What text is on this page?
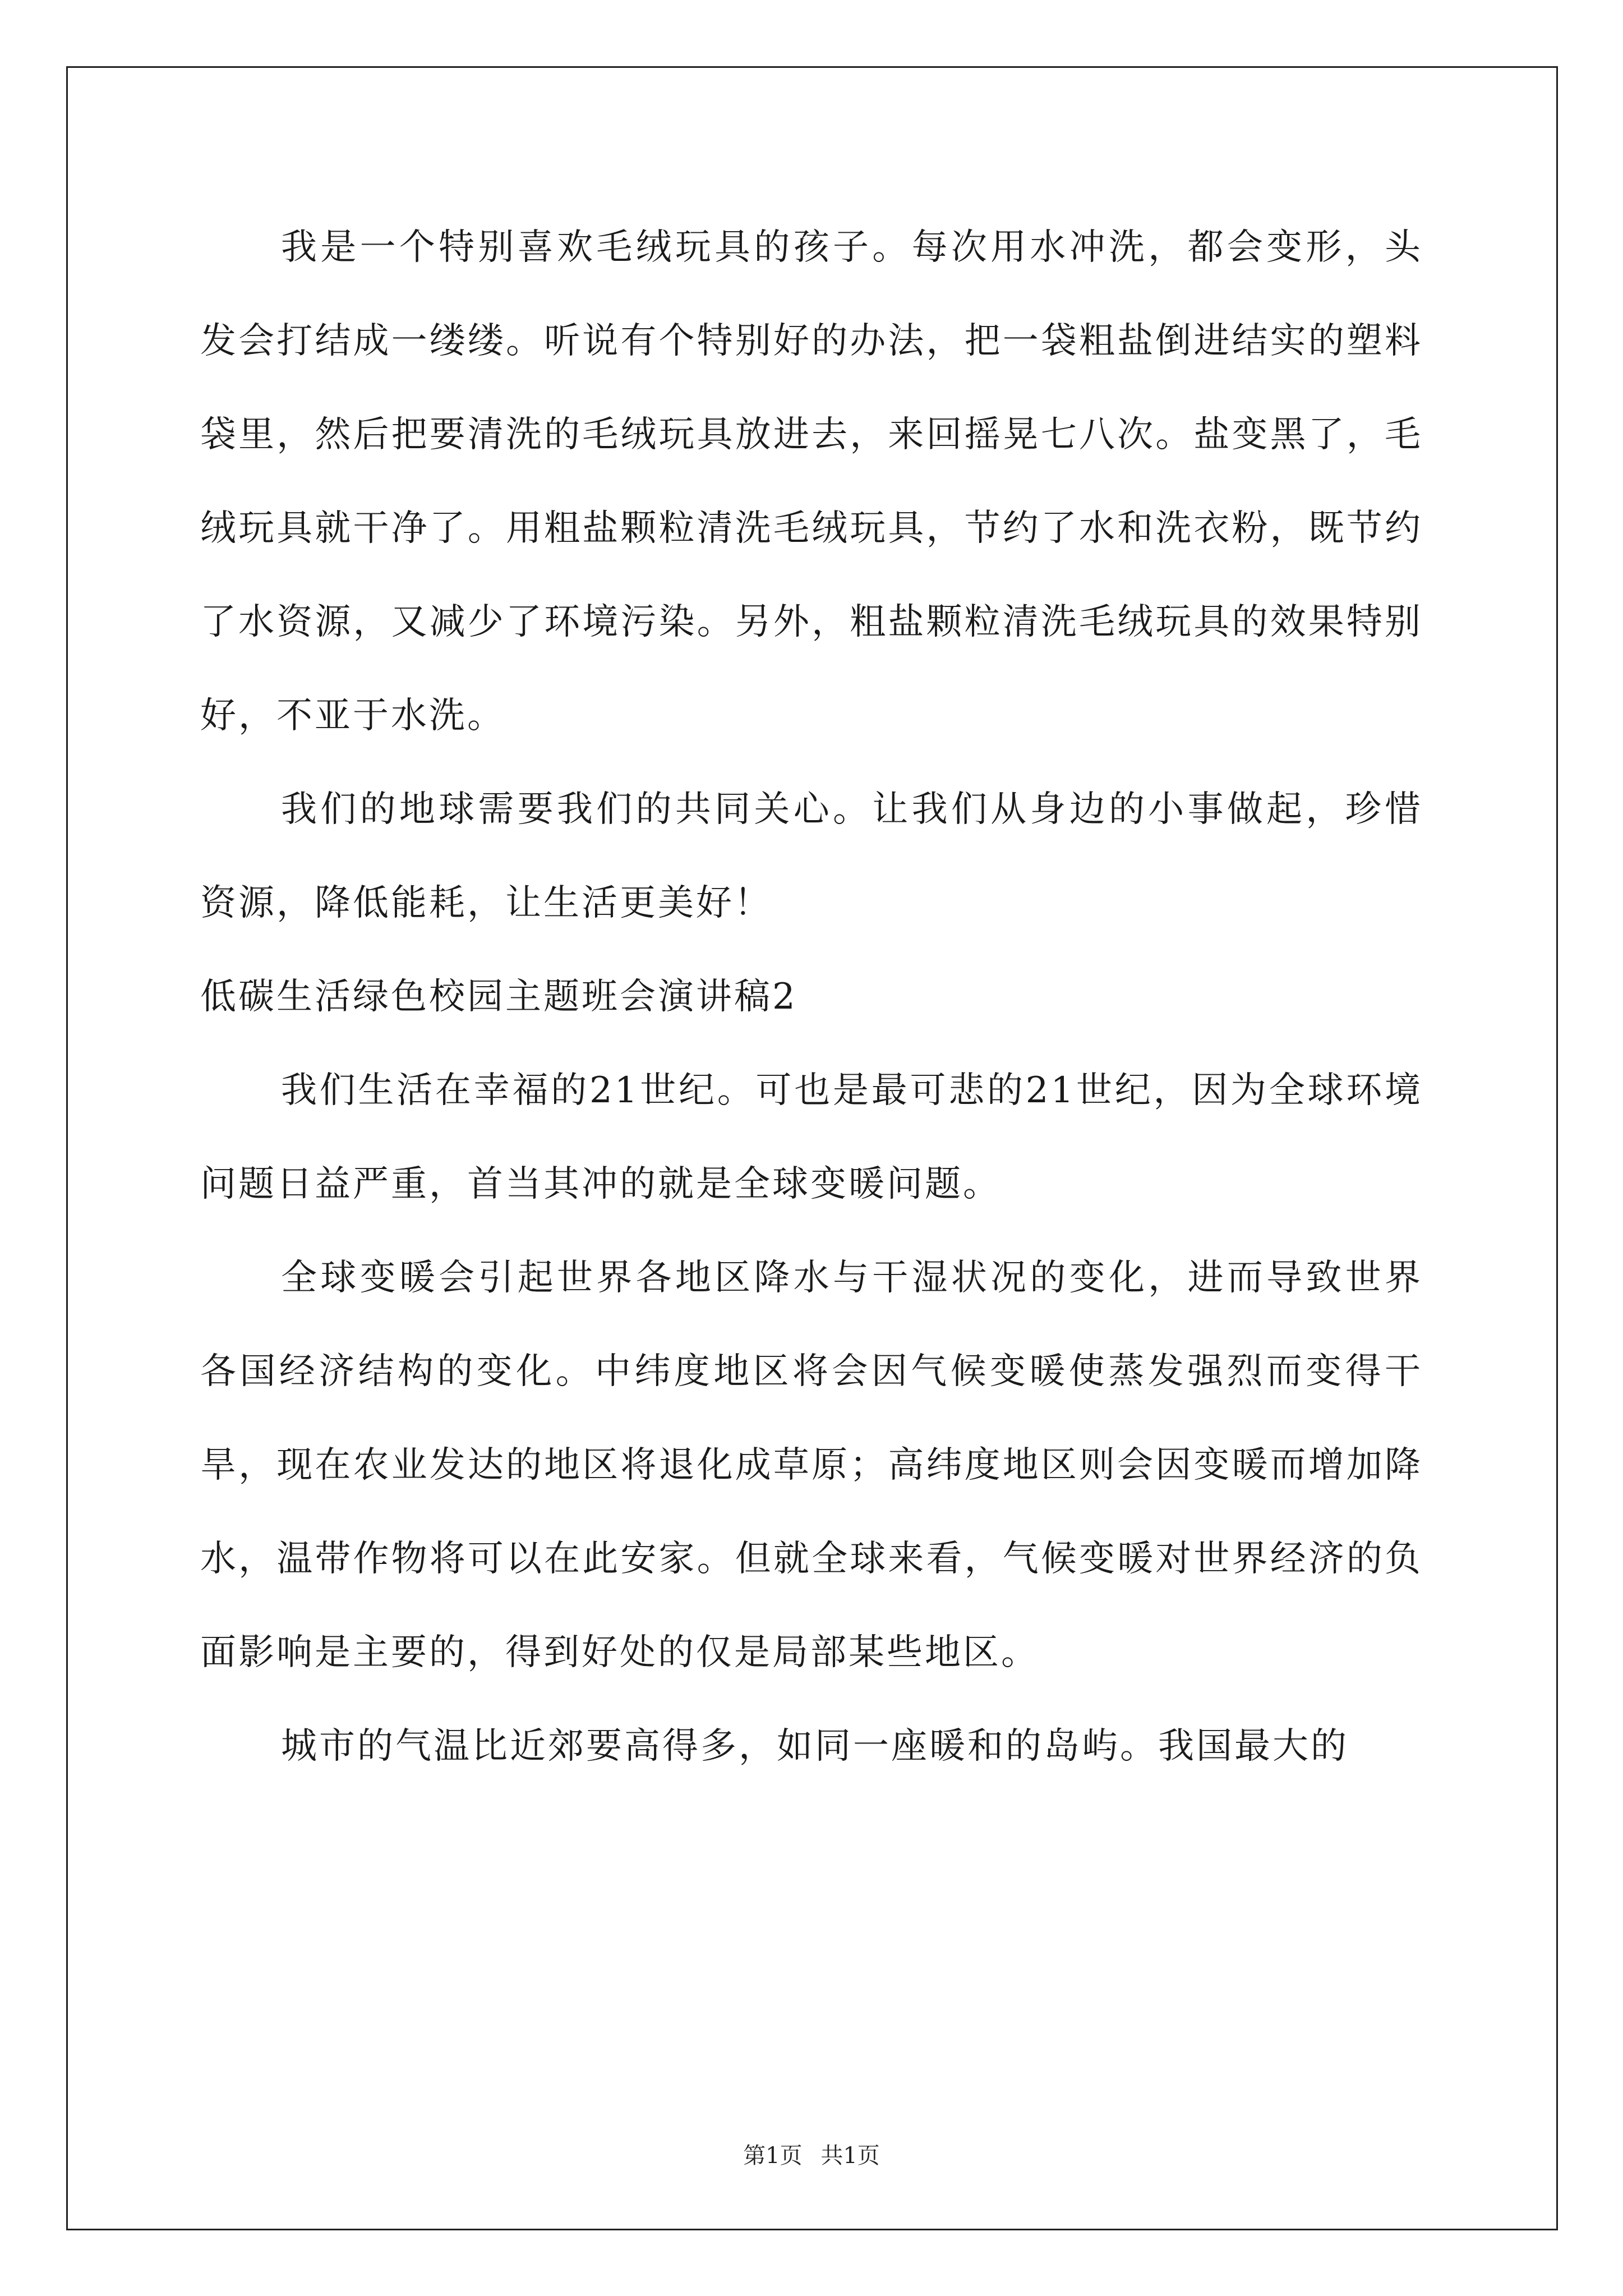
我是一个特别喜欢毛绒玩具的孩子。每次用水冲洗，都会变形，头发会打结成一缕缕。听说有个特别好的办法，把一袋粗盐倒进结实的塑料袋里，然后把要清洗的毛绒玩具放进去，来回摇晃七八次。盐变黑了，毛绒玩具就干净了。用粗盐颗粒清洗毛绒玩具，节约了水和洗衣粉，既节约了水资源，又减少了环境污染。另外，粗盐颗粒清洗毛绒玩具的效果特别好，不亚于水洗。

我们的地球需要我们的共同关心。让我们从身边的小事做起，珍惜资源，降低能耗，让生活更美好！

低碳生活绿色校园主题班会演讲稿2

我们生活在幸福的21世纪。可也是最可悲的21世纪，因为全球环境问题日益严重，首当其冲的就是全球变暖问题。

全球变暖会引起世界各地区降水与干湿状况的变化，进而导致世界各国经济结构的变化。中纬度地区将会因气候变暖使蒸发强烈而变得干旱，现在农业发达的地区将退化成草原；高纬度地区则会因变暖而增加降水，温带作物将可以在此安家。但就全球来看，气候变暖对世界经济的负面影响是主要的，得到好处的仅是局部某些地区。

城市的气温比近郊要高得多，如同一座暖和的岛屿。我国最大的

第1页 共1页
